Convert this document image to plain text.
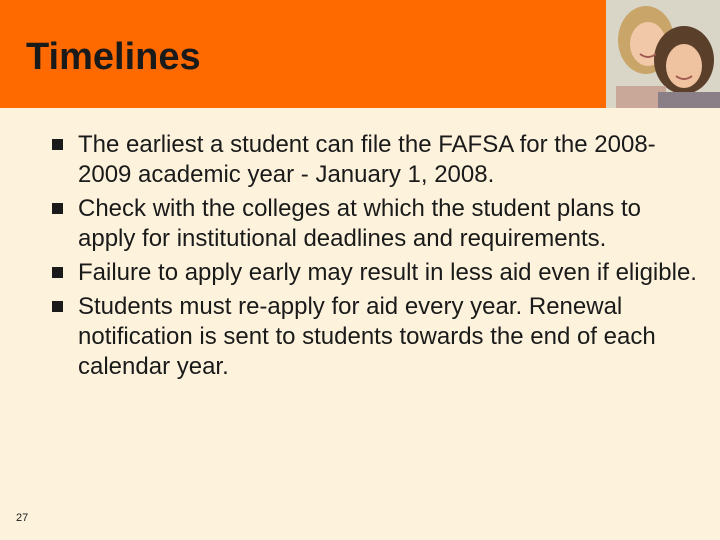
Timelines
The earliest a student can file the FAFSA for the 2008-2009 academic year - January 1, 2008.
Check with the colleges at which the student plans to apply for institutional deadlines and requirements.
Failure to apply early may result in less aid even if eligible.
Students must re-apply for aid every year. Renewal notification is sent to students towards the end of each calendar year.
27
